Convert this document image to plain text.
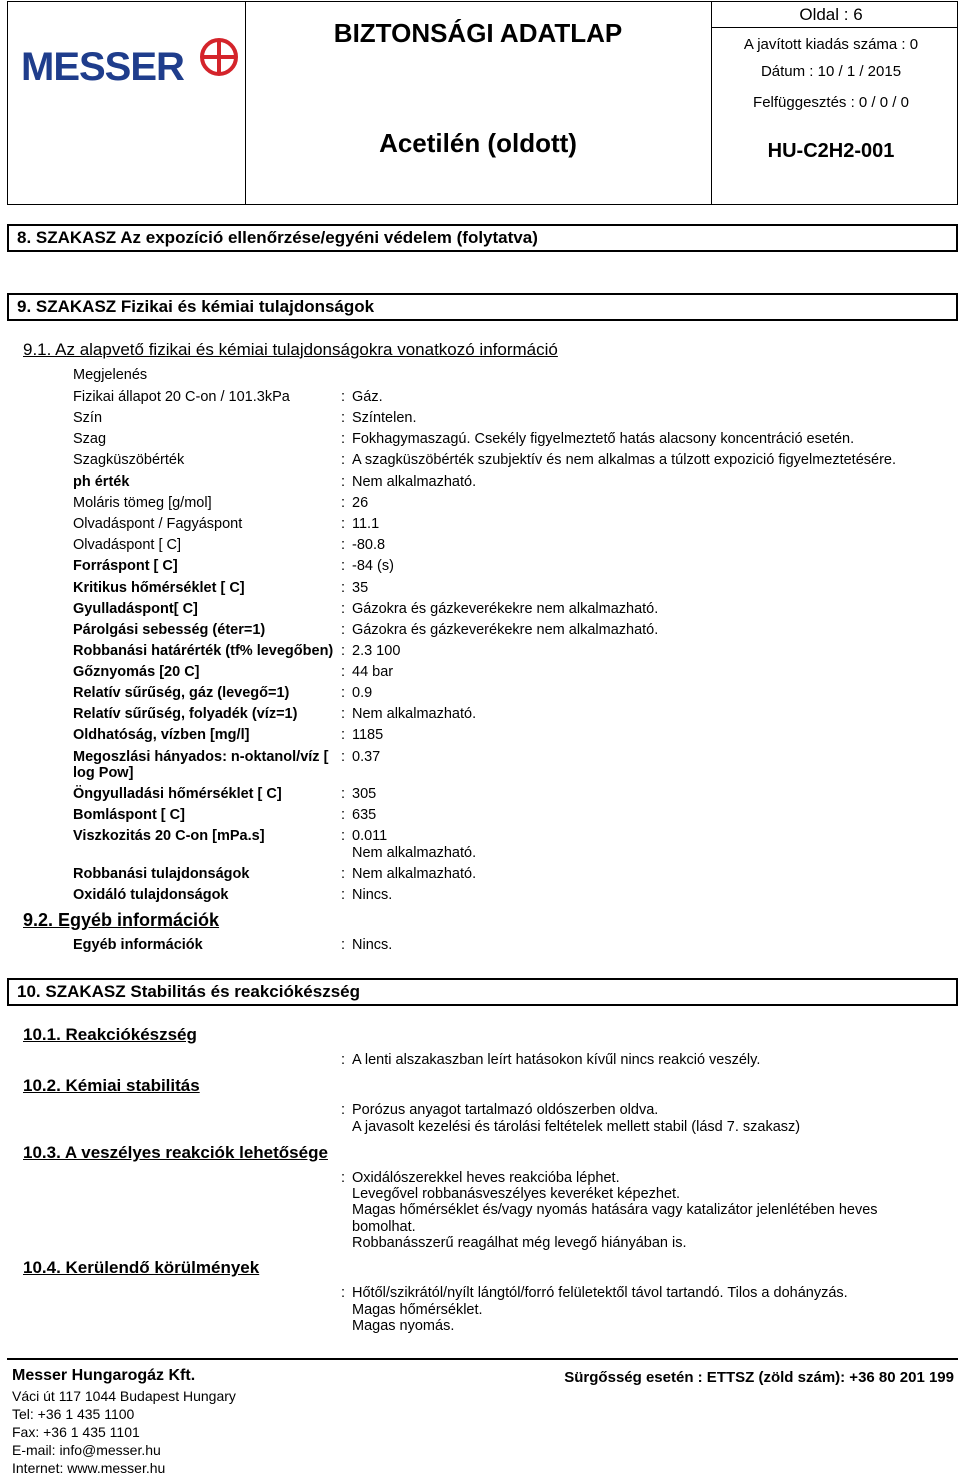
MESSER
BIZTONSÁGI ADATLAP
Acetilén (oldott)
Oldal : 6
A javított kiadás száma : 0
Dátum : 10 / 1 / 2015
Felfüggesztés : 0 / 0 / 0
HU-C2H2-001
8. SZAKASZ Az expozíció ellenőrzése/egyéni védelem (folytatva)
9. SZAKASZ Fizikai és kémiai tulajdonságok
9.1. Az alapvető fizikai és kémiai tulajdonságokra vonatkozó információ
Megjelenés
Fizikai állapot 20 C-on / 101.3kPa	: Gáz.
Szín	: Színtelen.
Szag	: Fokhagymaszagú. Csekély figyelmeztető hatás alacsony koncentráció esetén.
Szagküszöbérték	: A szagküszöbérték szubjektív és nem alkalmas a túlzott expozició figyelmeztetésére.
ph érték	: Nem alkalmazható.
Moláris tömeg [g/mol]	: 26
Olvadáspont / Fagyáspont	: 11.1
Olvadáspont [ C]	: -80.8
Forráspont [ C]	: -84 (s)
Kritikus hőmérséklet [ C]	: 35
Gyulladáspont[ C]	: Gázokra és gázkeverékekre nem alkalmazható.
Párolgási sebesség (éter=1)	: Gázokra és gázkeverékekre nem alkalmazható.
Robbanási határérték (tf% levegőben) : 2.3 100
Gőznyomás [20 C]	: 44 bar
Relatív sűrűség, gáz (levegő=1)	: 0.9
Relatív sűrűség, folyadék (víz=1)	: Nem alkalmazható.
Oldhatóság, vízben [mg/l]	: 1185
Megoszlási hányados: n-oktanol/víz [
log Pow]
: 0.37
Öngyulladási hőmérséklet [ C]	: 305
Bomláspont [ C]	: 635
Viszkozitás 20 C-on [mPa.s]	: 0.011
Nem alkalmazható.
Robbanási tulajdonságok	: Nem alkalmazható.
Oxidáló tulajdonságok	: Nincs.
9.2. Egyéb információk
Egyéb információk	: Nincs.
10. SZAKASZ Stabilitás és reakciókészség
10.1. Reakciókészség
: A lenti alszakaszban leírt hatásokon kívűl nincs reakció veszély.
10.2. Kémiai stabilitás
: Porózus anyagot tartalmazó oldószerben oldva.
A javasolt kezelési és tárolási feltételek mellett stabil (lásd 7. szakasz)
10.3. A veszélyes reakciók lehetősége
: Oxidálószerekkel heves reakcióba léphet.
Levegővel robbanásveszélyes keveréket képezhet.
Magas hőmérséklet és/vagy nyomás hatására vagy katalizátor jelenlétében heves
bomolhat.
Robbanásszerű reagálhat még levegő hiányában is.
10.4. Kerülendő körülmények
: Hőtől/szikrától/nyílt lángtól/forró felületektől távol tartandó. Tilos a dohányzás.
Magas hőmérséklet.
Magas nyomás.
Messer Hungarogáz Kft.
Váci út 117 1044 Budapest Hungary
Tel: +36 1 435 1100
Fax: +36 1 435 1101
E-mail: info@messer.hu
Internet: www.messer.hu
Sürgősség esetén : ETTSZ (zöld szám): +36 80 201 199
